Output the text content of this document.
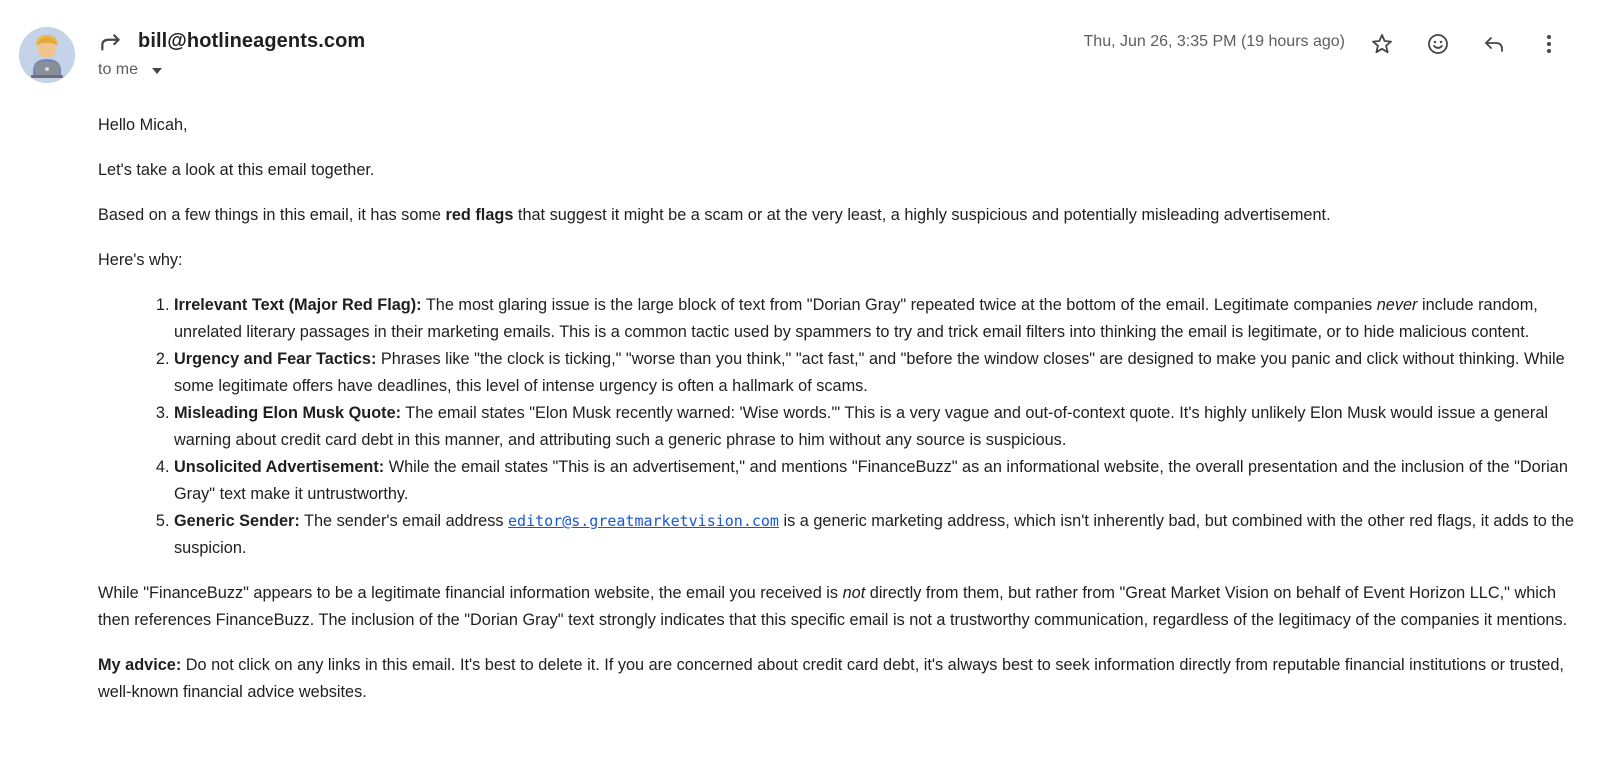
bill@hotlineagents.com
to me
Thu, Jun 26, 3:35 PM (19 hours ago)

Hello Micah,

Let's take a look at this email together.

Based on a few things in this email, it has some red flags that suggest it might be a scam or at the very least, a highly suspicious and potentially misleading advertisement.

Here's why:

1. Irrelevant Text (Major Red Flag): The most glaring issue is the large block of text from "Dorian Gray" repeated twice at the bottom of the email. Legitimate companies never include random, unrelated literary passages in their marketing emails. This is a common tactic used by spammers to try and trick email filters into thinking the email is legitimate, or to hide malicious content.
2. Urgency and Fear Tactics: Phrases like "the clock is ticking," "worse than you think," "act fast," and "before the window closes" are designed to make you panic and click without thinking. While some legitimate offers have deadlines, this level of intense urgency is often a hallmark of scams.
3. Misleading Elon Musk Quote: The email states "Elon Musk recently warned: 'Wise words.'" This is a very vague and out-of-context quote. It's highly unlikely Elon Musk would issue a general warning about credit card debt in this manner, and attributing such a generic phrase to him without any source is suspicious.
4. Unsolicited Advertisement: While the email states "This is an advertisement," and mentions "FinanceBuzz" as an informational website, the overall presentation and the inclusion of the "Dorian Gray" text make it untrustworthy.
5. Generic Sender: The sender's email address editor@s.greatmarketvision.com is a generic marketing address, which isn't inherently bad, but combined with the other red flags, it adds to the suspicion.

While "FinanceBuzz" appears to be a legitimate financial information website, the email you received is not directly from them, but rather from "Great Market Vision on behalf of Event Horizon LLC," which then references FinanceBuzz. The inclusion of the "Dorian Gray" text strongly indicates that this specific email is not a trustworthy communication, regardless of the legitimacy of the companies it mentions.

My advice: Do not click on any links in this email. It's best to delete it. If you are concerned about credit card debt, it's always best to seek information directly from reputable financial institutions or trusted, well-known financial advice websites.
